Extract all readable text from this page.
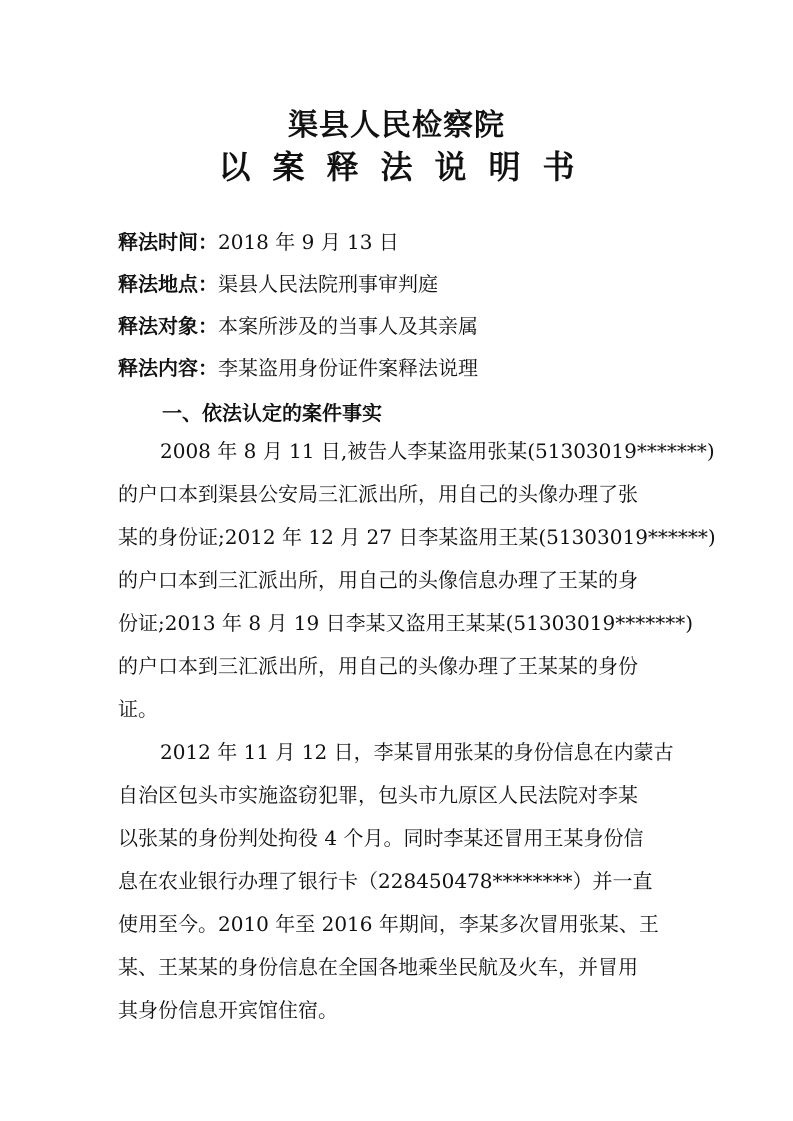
渠县人民检察院
以案释法说明书
释法时间：2018 年 9 月 13 日
释法地点：渠县人民法院刑事审判庭
释法对象：本案所涉及的当事人及其亲属
释法内容：李某盗用身份证件案释法说理
一、依法认定的案件事实
2008 年 8 月 11 日,被告人李某盗用张某(51303019*******)
的户口本到渠县公安局三汇派出所，用自己的头像办理了张
某的身份证;2012 年 12 月 27 日李某盗用王某(51303019******)
的户口本到三汇派出所，用自己的头像信息办理了王某的身
份证;2013 年 8 月 19 日李某又盗用王某某(51303019*******)
的户口本到三汇派出所，用自己的头像办理了王某某的身份
证。
2012 年 11 月 12 日，李某冒用张某的身份信息在内蒙古
自治区包头市实施盗窃犯罪，包头市九原区人民法院对李某
以张某的身份判处拘役 4 个月。同时李某还冒用王某身份信
息在农业银行办理了银行卡（228450478********）并一直
使用至今。2010 年至 2016 年期间，李某多次冒用张某、王
某、王某某的身份信息在全国各地乘坐民航及火车，并冒用
其身份信息开宾馆住宿。
